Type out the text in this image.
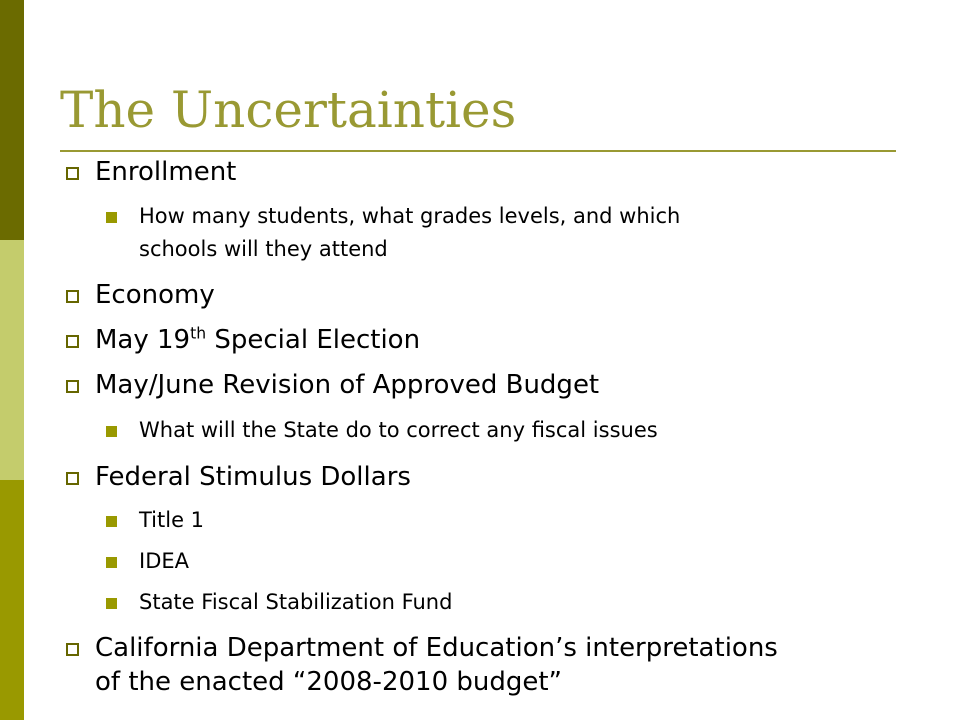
The Uncertainties
Enrollment
How many students, what grades levels, and which
schools will they attend
Economy
May 19th Special Election
May/June Revision of Approved Budget
What will the State do to correct any fiscal issues
Federal Stimulus Dollars
Title 1
IDEA
State Fiscal Stabilization Fund
California Department of Education’s interpretations
of the enacted “2008-2010 budget”
